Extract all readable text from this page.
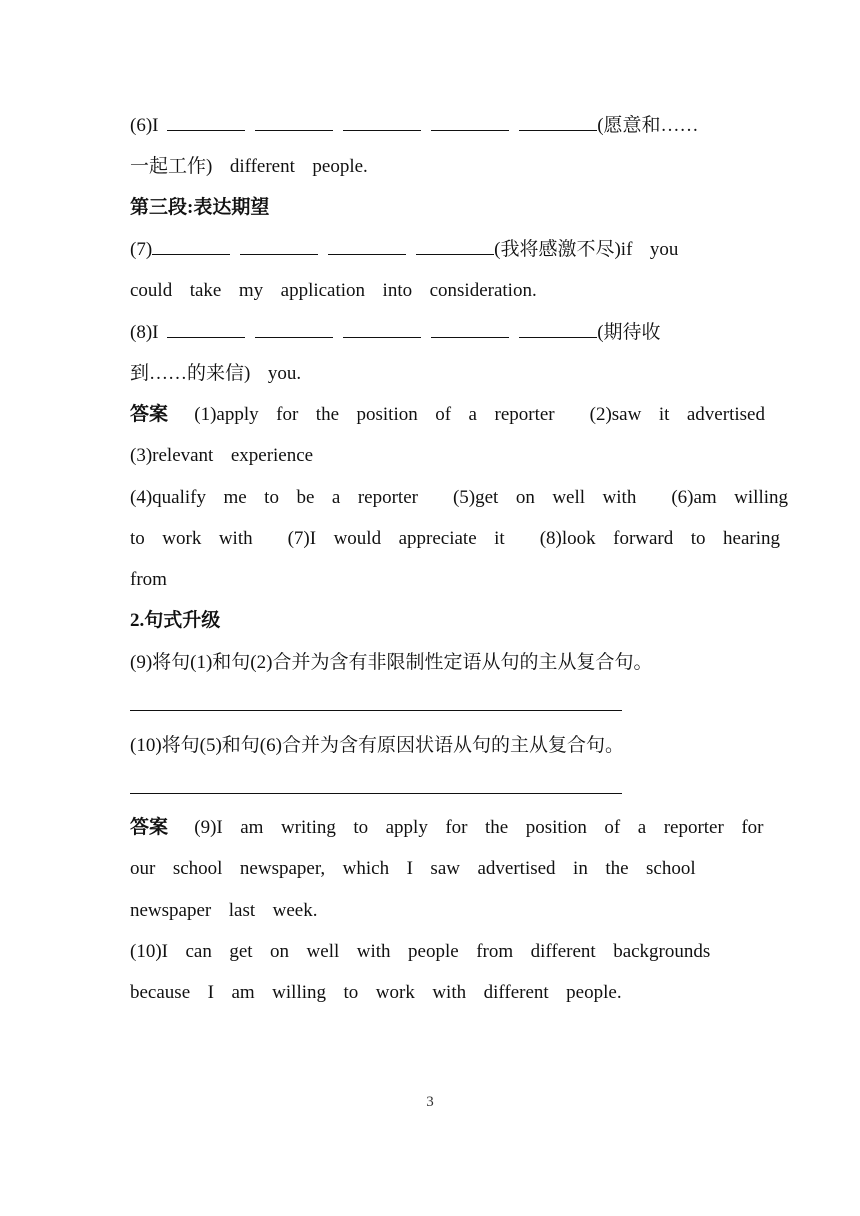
(6)I	(愿意和……
一起工作)  different  people.
第三段:表达期望
(7)	(我将感激不尽)if  you
could  take  my  application  into  consideration.
(8)I	(期待收
到……的来信)  you.
答案   (1)apply  for  the  position  of  a  reporter    (2)saw  it  advertised
(3)relevant  experience
(4)qualify  me  to  be  a  reporter    (5)get  on  well  with    (6)am  willing
to  work  with    (7)I  would  appreciate  it    (8)look  forward  to  hearing
from
2.句式升级
(9)将句(1)和句(2)合并为含有非限制性定语从句的主从复合句。
(10)将句(5)和句(6)合并为含有原因状语从句的主从复合句。
答案   (9)I  am  writing  to  apply  for  the  position  of  a  reporter  for
our  school  newspaper,  which  I  saw  advertised  in  the  school
newspaper  last  week.
(10)I  can  get  on  well  with  people  from  different  backgrounds
because  I  am  willing  to  work  with  different  people.
3
